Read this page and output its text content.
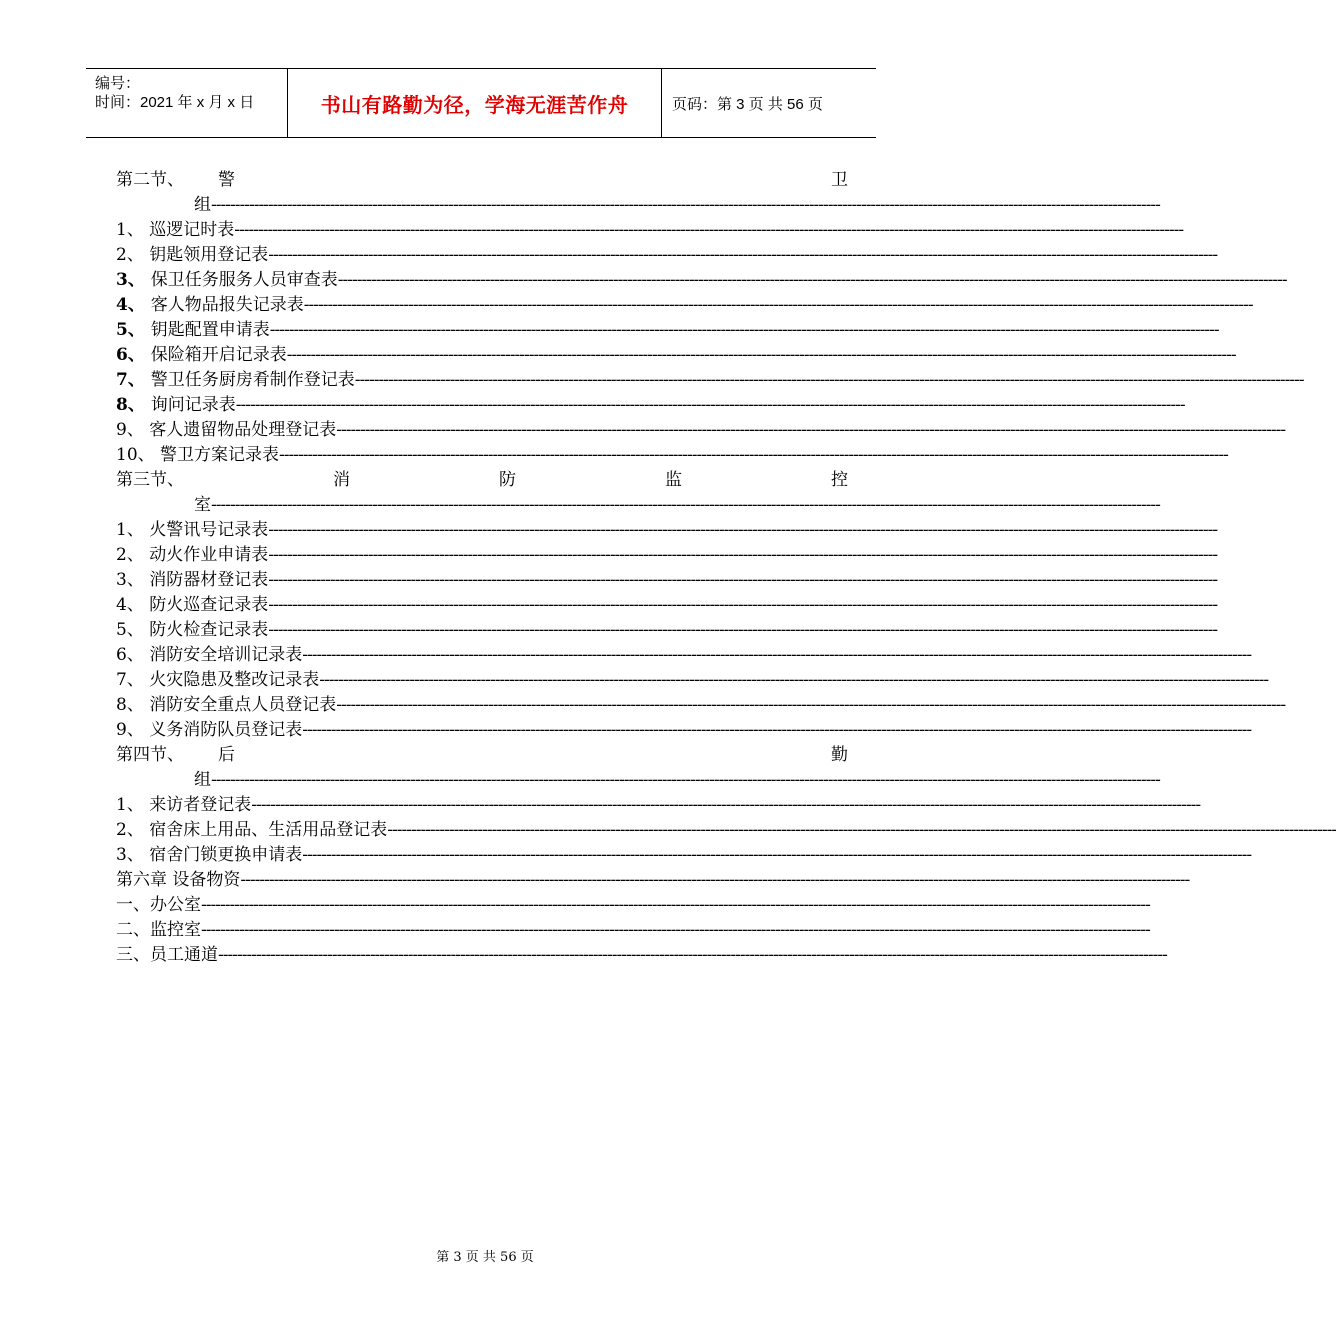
编号：
时间：2021 年 x 月 x 日	书山有路勤为径，学海无涯苦作舟	页码：第 3 页 共 56 页
第二节、 警	卫
组--------------------------------------------------------------------------------------------------------------------------------------------------------------------------------------------------------
1、 巡逻记时表--------------------------------------------------------------------------------------------------------------------------------------------------------------------------------------------------------
2、 钥匙领用登记表--------------------------------------------------------------------------------------------------------------------------------------------------------------------------------------------------------
3、 保卫任务服务人员审查表--------------------------------------------------------------------------------------------------------------------------------------------------------------------------------------------------------
4、 客人物品报失记录表--------------------------------------------------------------------------------------------------------------------------------------------------------------------------------------------------------
5、 钥匙配置申请表--------------------------------------------------------------------------------------------------------------------------------------------------------------------------------------------------------
6、 保险箱开启记录表--------------------------------------------------------------------------------------------------------------------------------------------------------------------------------------------------------
7、 警卫任务厨房肴制作登记表--------------------------------------------------------------------------------------------------------------------------------------------------------------------------------------------------------
8、 询问记录表--------------------------------------------------------------------------------------------------------------------------------------------------------------------------------------------------------
9、 客人遗留物品处理登记表--------------------------------------------------------------------------------------------------------------------------------------------------------------------------------------------------------
10、 警卫方案记录表--------------------------------------------------------------------------------------------------------------------------------------------------------------------------------------------------------
第三节、	消	防	监	控
室--------------------------------------------------------------------------------------------------------------------------------------------------------------------------------------------------------
1、 火警讯号记录表--------------------------------------------------------------------------------------------------------------------------------------------------------------------------------------------------------
2、 动火作业申请表--------------------------------------------------------------------------------------------------------------------------------------------------------------------------------------------------------
3、 消防器材登记表--------------------------------------------------------------------------------------------------------------------------------------------------------------------------------------------------------
4、 防火巡查记录表--------------------------------------------------------------------------------------------------------------------------------------------------------------------------------------------------------
5、 防火检查记录表--------------------------------------------------------------------------------------------------------------------------------------------------------------------------------------------------------
6、 消防安全培训记录表--------------------------------------------------------------------------------------------------------------------------------------------------------------------------------------------------------
7、 火灾隐患及整改记录表--------------------------------------------------------------------------------------------------------------------------------------------------------------------------------------------------------
8、 消防安全重点人员登记表--------------------------------------------------------------------------------------------------------------------------------------------------------------------------------------------------------
9、 义务消防队员登记表--------------------------------------------------------------------------------------------------------------------------------------------------------------------------------------------------------
第四节、 后	勤
组--------------------------------------------------------------------------------------------------------------------------------------------------------------------------------------------------------
1、 来访者登记表--------------------------------------------------------------------------------------------------------------------------------------------------------------------------------------------------------
2、 宿舍床上用品、生活用品登记表--------------------------------------------------------------------------------------------------------------------------------------------------------------------------------------------------------
3、 宿舍门锁更换申请表--------------------------------------------------------------------------------------------------------------------------------------------------------------------------------------------------------
第六章 设备物资--------------------------------------------------------------------------------------------------------------------------------------------------------------------------------------------------------
一、办公室--------------------------------------------------------------------------------------------------------------------------------------------------------------------------------------------------------
二、监控室--------------------------------------------------------------------------------------------------------------------------------------------------------------------------------------------------------
三、员工通道--------------------------------------------------------------------------------------------------------------------------------------------------------------------------------------------------------
第 3 页 共 56 页
